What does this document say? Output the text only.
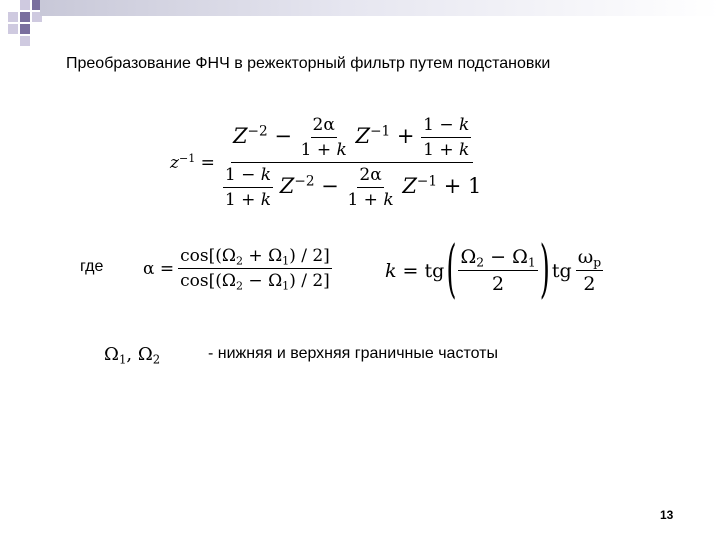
Преобразование ФНЧ в режекторный фильтр путем подстановки
$z^{-1} = \frac{Z^{-2} - \frac{2\alpha}{1 + k} Z^{-1} + \frac{1 - k}{1 + k}}{\frac{1 - k}{1 + k} Z^{-2} - \frac{2\alpha}{1 + k} Z^{-1} + 1}$
где $\alpha = \frac{\cos[(\Omega_2 + \Omega_1) / 2]}{\cos[(\Omega_2 - \Omega_1) / 2]}$	k = tg ( $\frac{\Omega_2 - \Omega_1}{2}$ ) tg $\frac{\omega_p}{2}$
$\Omega_1$, $\Omega_2$	- нижняя и верхняя граничные частоты
13
